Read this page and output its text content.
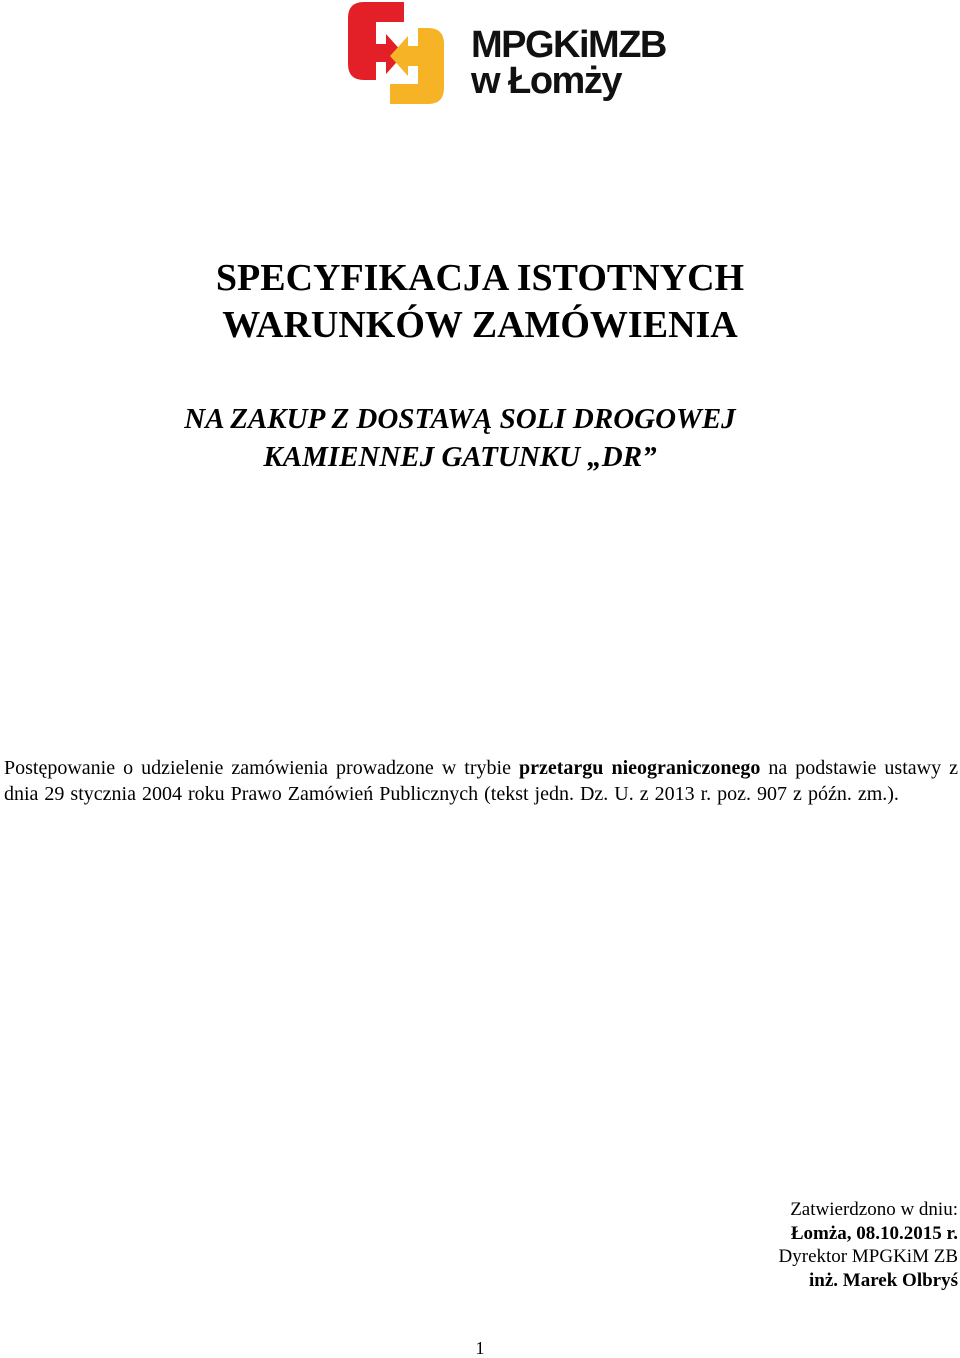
MPGKiMZB
w Łomży
SPECYFIKACJA ISTOTNYCH
WARUNKÓW ZAMÓWIENIA
NA ZAKUP Z DOSTAWĄ SOLI DROGOWEJ
KAMIENNEJ GATUNKU „DR”

Postępowanie o udzielenie zamówienia prowadzone w trybie przetargu nieograniczonego na podstawie ustawy z dnia 29 stycznia 2004 roku Prawo Zamówień Publicznych (tekst jedn. Dz. U. z 2013 r. poz. 907 z późn. zm.).

Zatwierdzono w dniu:
Łomża, 08.10.2015 r.
Dyrektor MPGKiM ZB
inż. Marek Olbryś
1
